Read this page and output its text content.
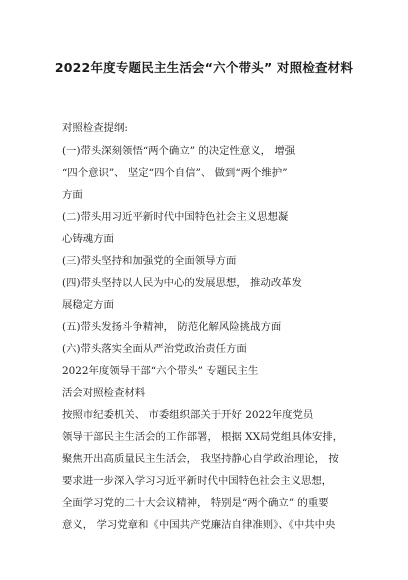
2022年度专题民主生活会“六个带头” 对照检查材料
对照检查提纲:
(一)带头深刻领悟“两个确立” 的决定性意义， 增强
“四个意识”、 坚定“四个自信”、 做到“两个维护”
方面
(二)带头用习近平新时代中国特色社会主义思想凝
心铸魂方面
(三)带头坚持和加强党的全面领导方面
(四)带头坚持以人民为中心的发展思想， 推动改革发
展稳定方面
(五)带头发扬斗争精神， 防范化解风险挑战方面
(六)带头落实全面从严治党政治责任方面
2022年度领导干部“六个带头” 专题民主生
活会对照检查材料
按照市纪委机关、 市委组织部关于开好 2022年度党员
领导干部民主生活会的工作部署， 根据 XX局党组具体安排，
聚焦开出高质量民主生活会， 我坚持静心自学政治理论， 按
要求进一步深入学习习近平新时代中国特色社会主义思想，
全面学习党的二十大会议精神， 特别是“两个确立” 的重要
意义， 学习党章和《中国共产党廉洁自律准则》、《中共中央
